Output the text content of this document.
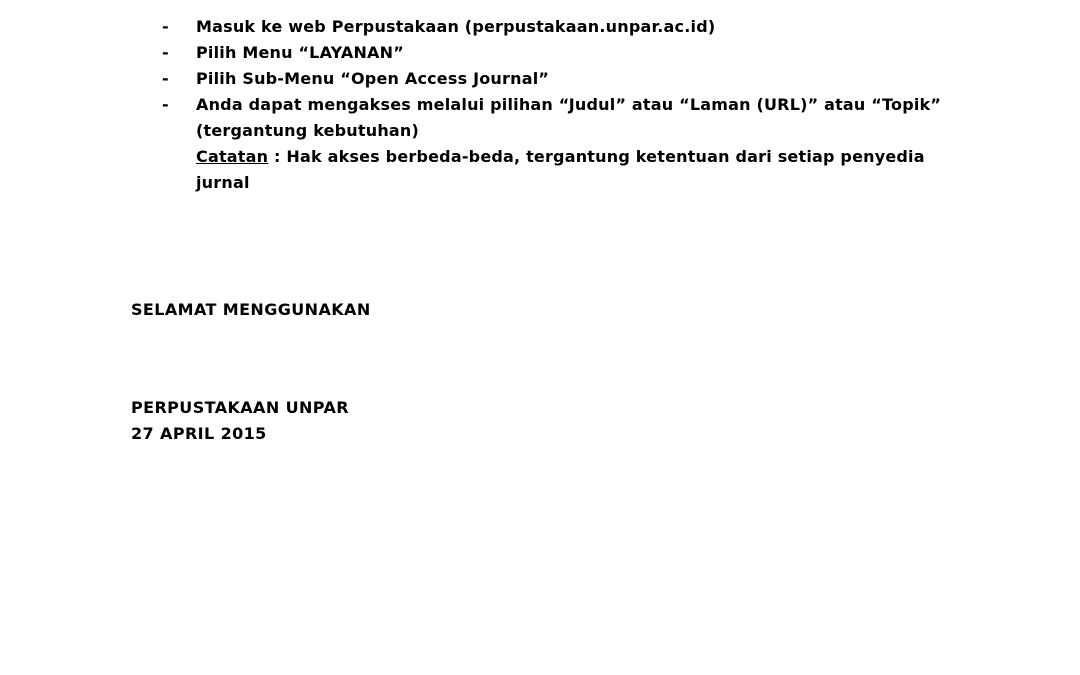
-	Masuk ke web Perpustakaan (perpustakaan.unpar.ac.id)
-	Pilih Menu “LAYANAN”
-	Pilih Sub-Menu “Open Access Journal”
-	Anda dapat mengakses melalui pilihan “Judul” atau “Laman (URL)” atau “Topik”
(tergantung kebutuhan)
Catatan : Hak akses berbeda-beda, tergantung ketentuan dari setiap penyedia
jurnal
SELAMAT MENGGUNAKAN
PERPUSTAKAAN UNPAR
27 APRIL 2015
